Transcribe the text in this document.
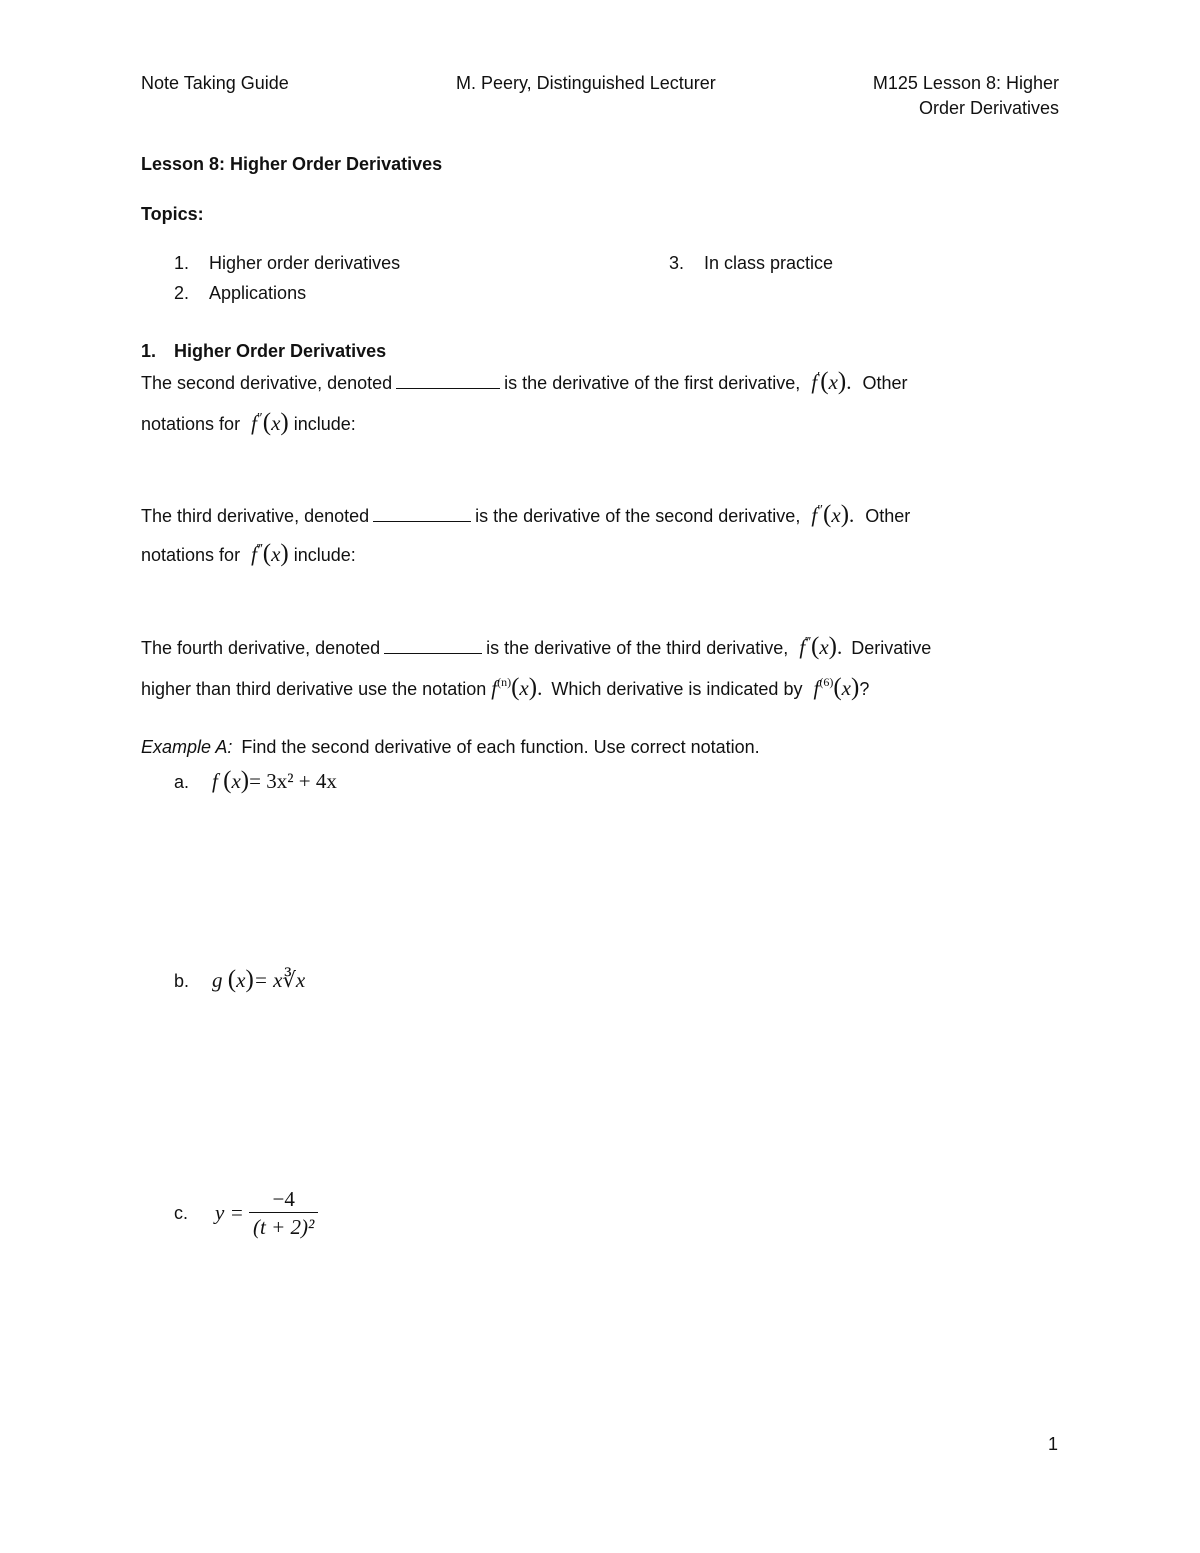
Note Taking Guide	M. Peery, Distinguished Lecturer	M125 Lesson 8: Higher
Order Derivatives
Lesson 8: Higher Order Derivatives
Topics:
1. Higher order derivatives
2. Applications
3. In class practice
1. Higher Order Derivatives
The second derivative, denoted	is the derivative of the first derivative, f′(x). Other
notations for f″(x) include:
The third derivative, denoted	is the derivative of the second derivative, f″(x). Other
notations for f‴(x) include:
The fourth derivative, denoted	is the derivative of the third derivative, f‴(x). Derivative
higher than third derivative use the notation $f^{(n)}(x)$. Which derivative is indicated by $f^{(6)}(x)$?
Example A: Find the second derivative of each function. Use correct notation.
a. f (x)= 3x² + 4x
b. g (x)= x∛x
c. $y = \frac{-4}{\text{(t + 2)²}}$
1
